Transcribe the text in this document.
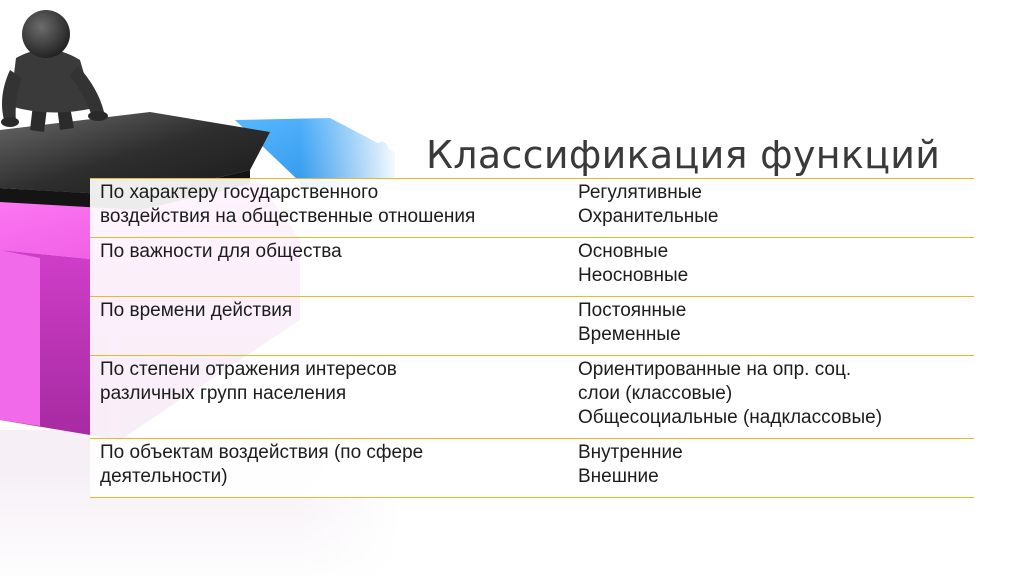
Классификация функций
По характеру государственного
воздействия на общественные отношения
Регулятивные
Охранительные
По важности для общества	Основные
Неосновные
По времени действия	Постоянные
Временные
По степени отражения интересов
различных групп населения
Ориентированные на опр. соц.
слои (классовые)
Общесоциальные (надклассовые)
По объектам воздействия (по сфере
деятельности)
Внутренние
Внешние
